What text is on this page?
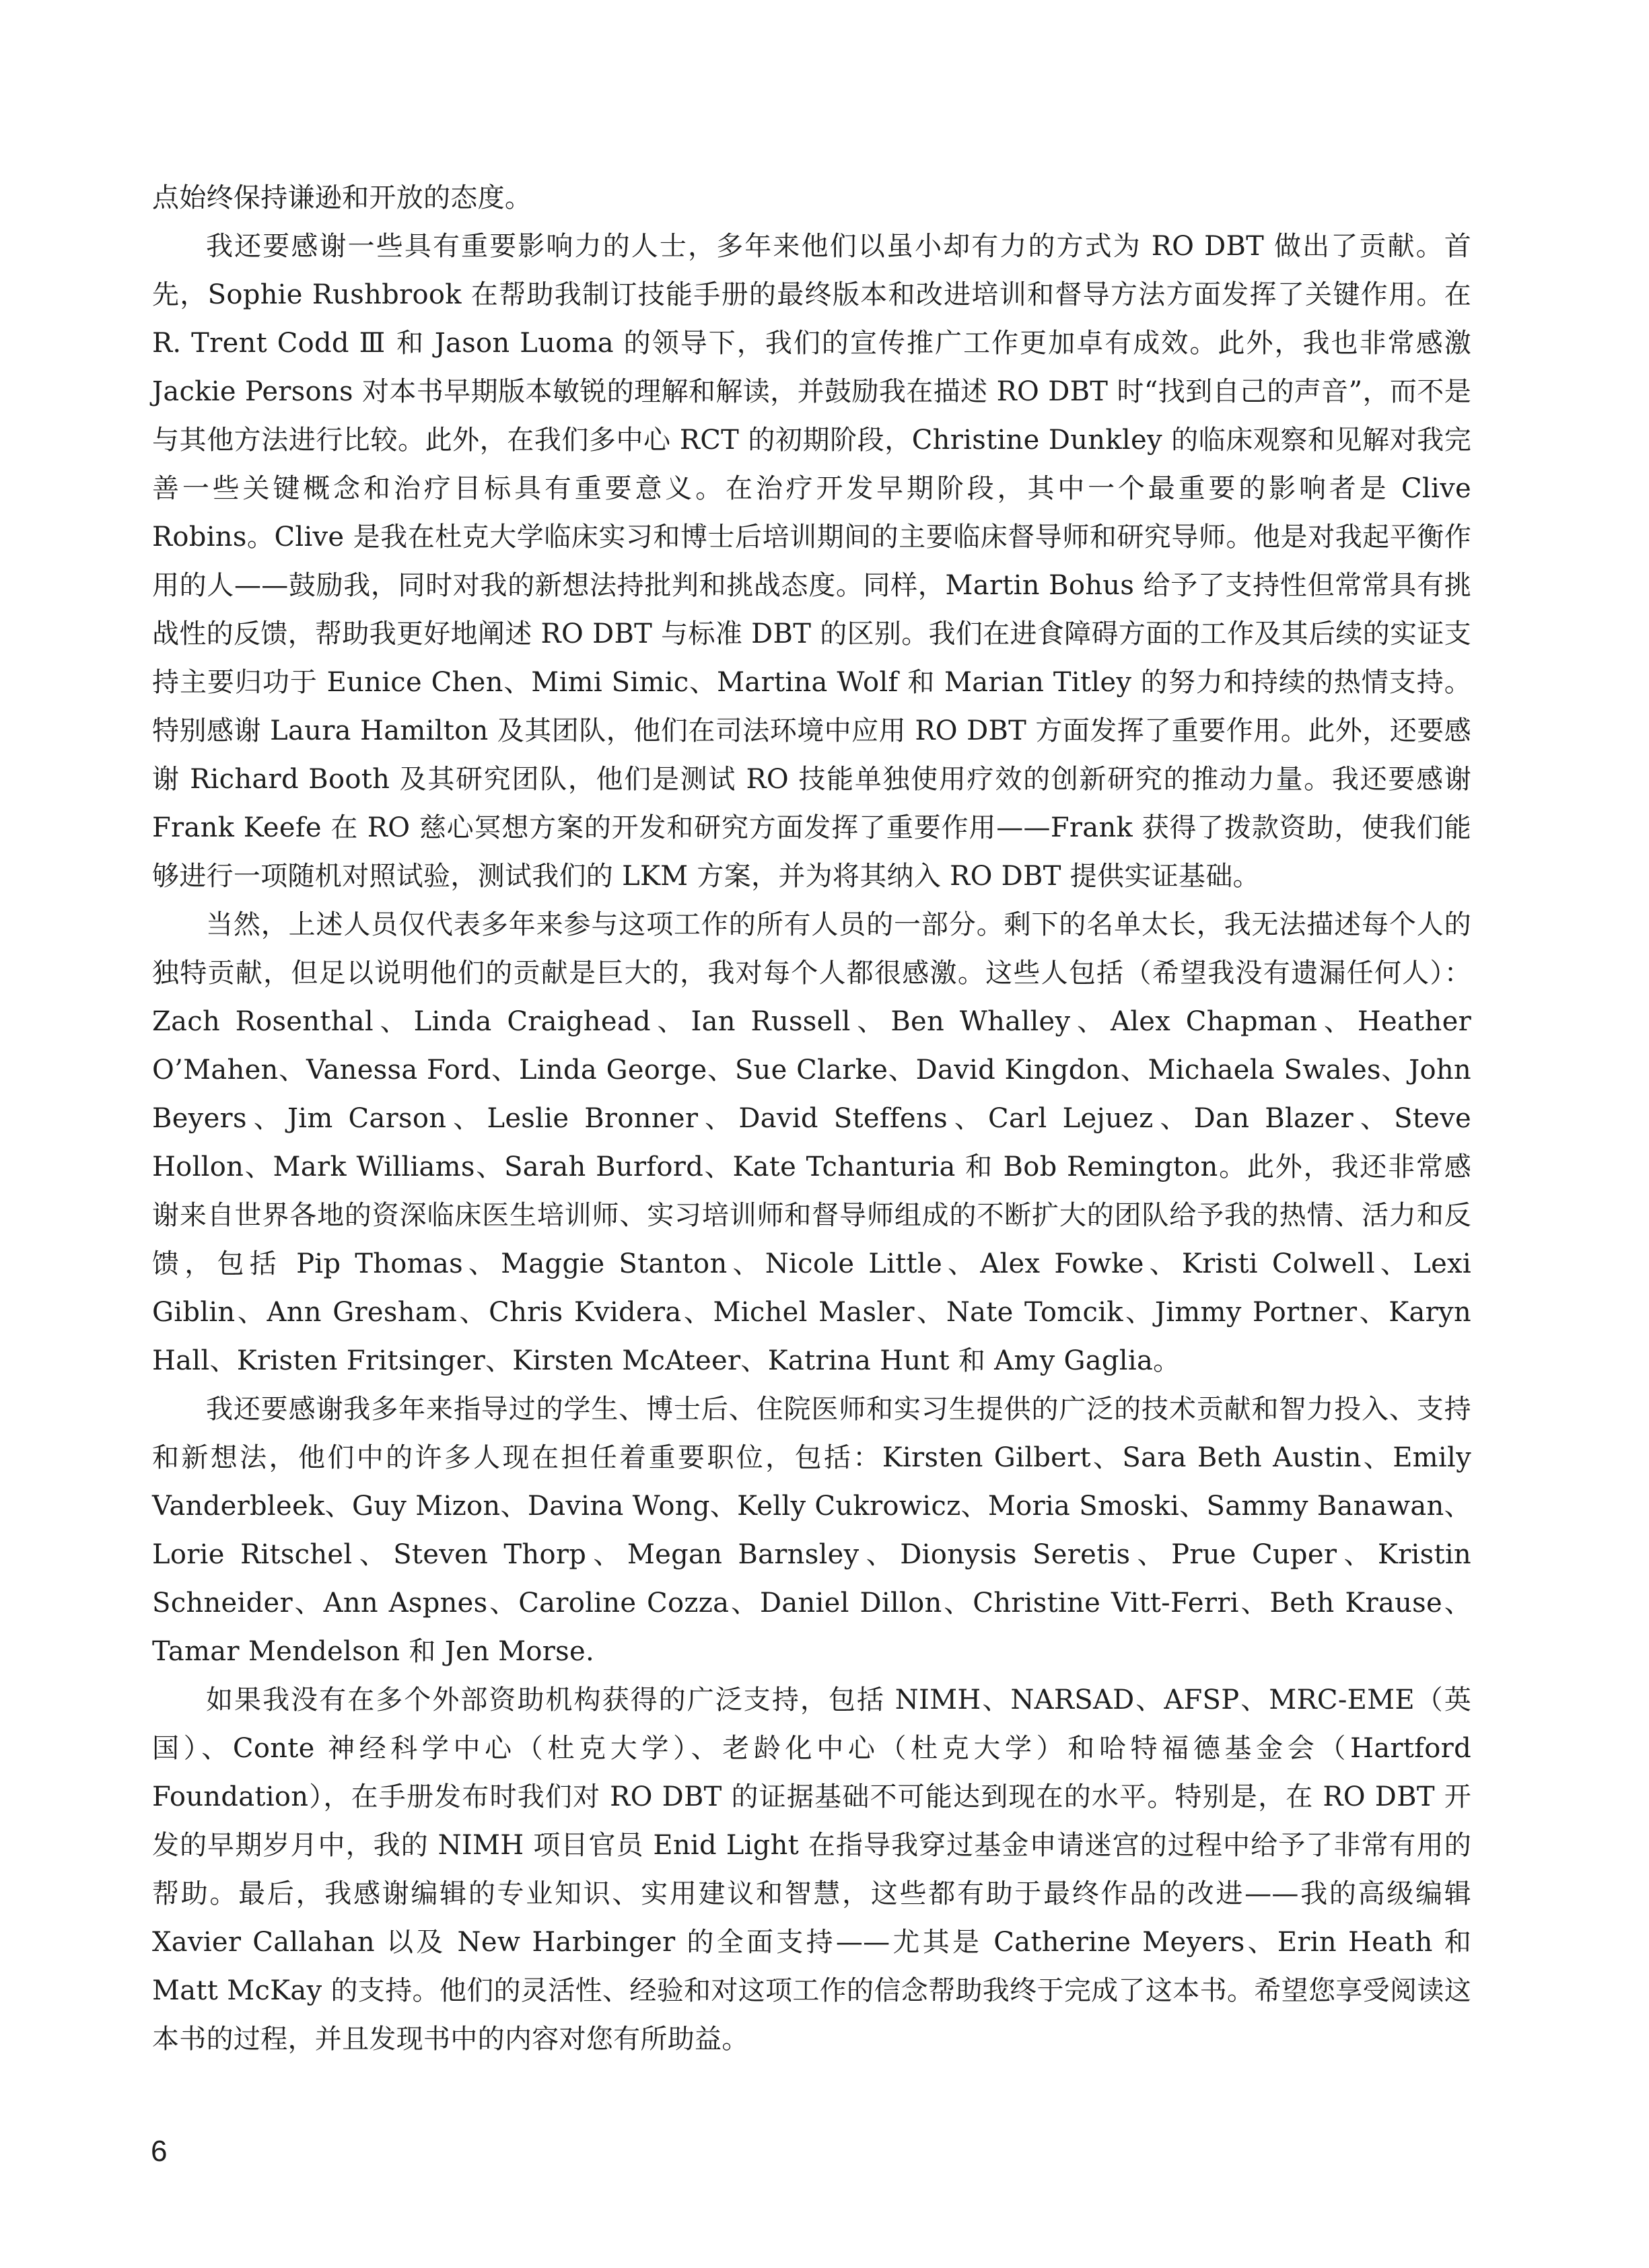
点始终保持谦逊和开放的态度。

我还要感谢一些具有重要影响力的人士，多年来他们以虽小却有力的方式为 RO DBT 做出了贡献。首先，Sophie Rushbrook 在帮助我制订技能手册的最终版本和改进培训和督导方法方面发挥了关键作用。在 R. Trent Codd Ⅲ 和 Jason Luoma 的领导下，我们的宣传推广工作更加卓有成效。此外，我也非常感激 Jackie Persons 对本书早期版本敏锐的理解和解读，并鼓励我在描述 RO DBT 时“找到自己的声音”，而不是与其他方法进行比较。此外，在我们多中心 RCT 的初期阶段，Christine Dunkley 的临床观察和见解对我完善一些关键概念和治疗目标具有重要意义。在治疗开发早期阶段，其中一个最重要的影响者是 Clive Robins。Clive 是我在杜克大学临床实习和博士后培训期间的主要临床督导师和研究导师。他是对我起平衡作用的人——鼓励我，同时对我的新想法持批判和挑战态度。同样，Martin Bohus 给予了支持性但常常具有挑战性的反馈，帮助我更好地阐述 RO DBT 与标准 DBT 的区别。我们在进食障碍方面的工作及其后续的实证支持主要归功于 Eunice Chen、Mimi Simic、Martina Wolf 和 Marian Titley 的努力和持续的热情支持。特别感谢 Laura Hamilton 及其团队，他们在司法环境中应用 RO DBT 方面发挥了重要作用。此外，还要感谢 Richard Booth 及其研究团队，他们是测试 RO 技能单独使用疗效的创新研究的推动力量。我还要感谢 Frank Keefe 在 RO 慈心冥想方案的开发和研究方面发挥了重要作用——Frank 获得了拨款资助，使我们能够进行一项随机对照试验，测试我们的 LKM 方案，并为将其纳入 RO DBT 提供实证基础。

当然，上述人员仅代表多年来参与这项工作的所有人员的一部分。剩下的名单太长，我无法描述每个人的独特贡献，但足以说明他们的贡献是巨大的，我对每个人都很感激。这些人包括（希望我没有遗漏任何人）：Zach Rosenthal、Linda Craighead、Ian Russell、Ben Whalley、Alex Chapman、Heather O’Mahen、Vanessa Ford、Linda George、Sue Clarke、David Kingdon、Michaela Swales、John Beyers、Jim Carson、Leslie Bronner、David Steffens、Carl Lejuez、Dan Blazer、Steve Hollon、Mark Williams、Sarah Burford、Kate Tchanturia 和 Bob Remington。此外，我还非常感谢来自世界各地的资深临床医生培训师、实习培训师和督导师组成的不断扩大的团队给予我的热情、活力和反馈，包括 Pip Thomas、Maggie Stanton、Nicole Little、Alex Fowke、Kristi Colwell、Lexi Giblin、Ann Gresham、Chris Kvidera、Michel Masler、Nate Tomcik、Jimmy Portner、Karyn Hall、Kristen Fritsinger、Kirsten McAteer、Katrina Hunt 和 Amy Gaglia。

我还要感谢我多年来指导过的学生、博士后、住院医师和实习生提供的广泛的技术贡献和智力投入、支持和新想法，他们中的许多人现在担任着重要职位，包括：Kirsten Gilbert、Sara Beth Austin、Emily Vanderbleek、Guy Mizon、Davina Wong、Kelly Cukrowicz、Moria Smoski、Sammy Banawan、Lorie Ritschel、Steven Thorp、Megan Barnsley、Dionysis Seretis、Prue Cuper、Kristin Schneider、Ann Aspnes、Caroline Cozza、Daniel Dillon、Christine Vitt-Ferri、Beth Krause、Tamar Mendelson 和 Jen Morse.

如果我没有在多个外部资助机构获得的广泛支持，包括 NIMH、NARSAD、AFSP、MRC-EME（英国）、Conte 神经科学中心（杜克大学）、老龄化中心（杜克大学）和哈特福德基金会（Hartford Foundation），在手册发布时我们对 RO DBT 的证据基础不可能达到现在的水平。特别是，在 RO DBT 开发的早期岁月中，我的 NIMH 项目官员 Enid Light 在指导我穿过基金申请迷宫的过程中给予了非常有用的帮助。最后，我感谢编辑的专业知识、实用建议和智慧，这些都有助于最终作品的改进——我的高级编辑 Xavier Callahan 以及 New Harbinger 的全面支持——尤其是 Catherine Meyers、Erin Heath 和 Matt McKay 的支持。他们的灵活性、经验和对这项工作的信念帮助我终于完成了这本书。希望您享受阅读这本书的过程，并且发现书中的内容对您有所助益。

6
